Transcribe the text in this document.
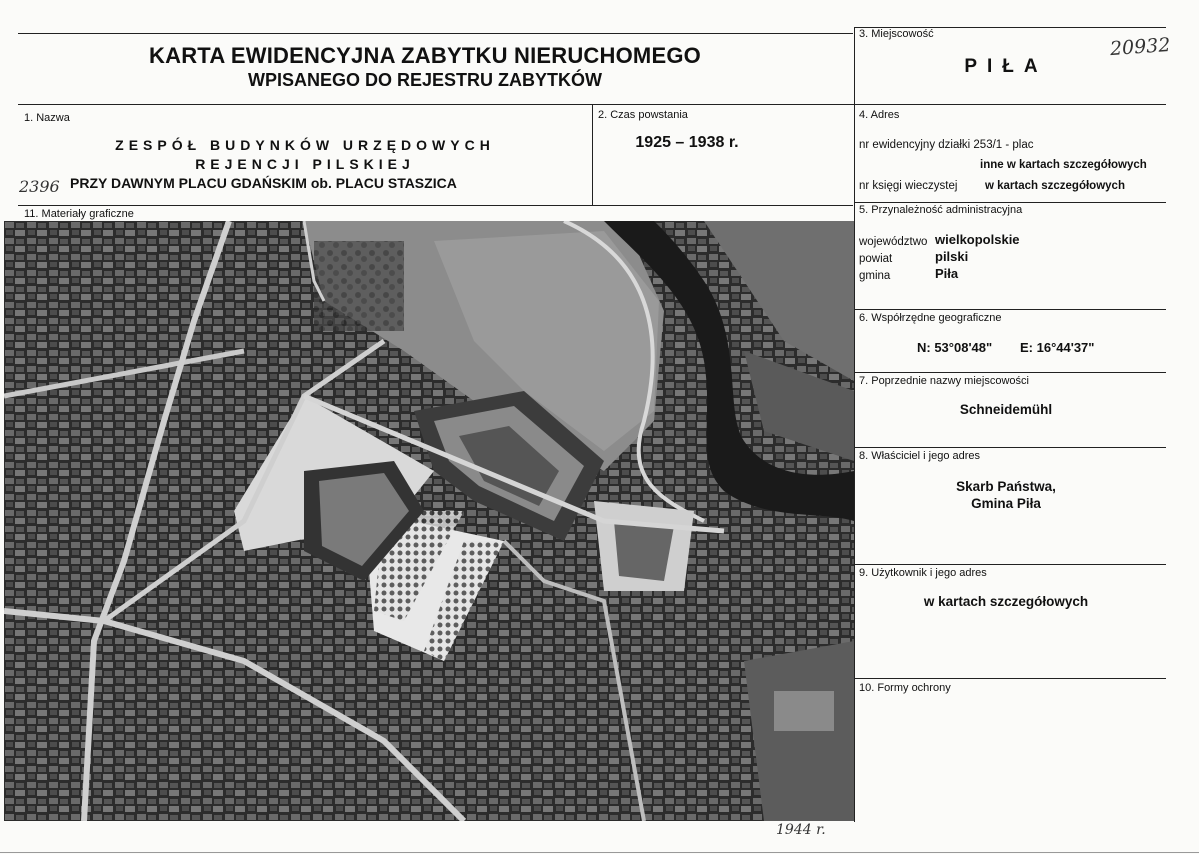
KARTA EWIDENCYJNA ZABYTKU NIERUCHOMEGO
WPISANEGO DO REJESTRU ZABYTKÓW
3. Miejscowość
PIŁA
20932
1. Nazwa
ZESPÓŁ BUDYNKÓW URZĘDOWYCH
REJENCJI PILSKIEJ
2396 PRZY DAWNYM PLACU GDAŃSKIM ob. PLACU STASZICA
2. Czas powstania
1925 – 1938 r.
4. Adres
nr ewidencyjny działki 253/1 - plac
inne w kartach szczegółowych
nr księgi wieczystej w kartach szczegółowych
11. Materiały graficzne
1944 r.
5. Przynależność administracyjna
województwo wielkopolskie
powiat	pilski
gmina	Piła
6. Współrzędne geograficzne
N: 53°08'48" E: 16°44'37"
7. Poprzednie nazwy miejscowości
Schneidemühl
8. Właściciel i jego adres
Skarb Państwa,
Gmina Piła
9. Użytkownik i jego adres
w kartach szczegółowych
10. Formy ochrony
